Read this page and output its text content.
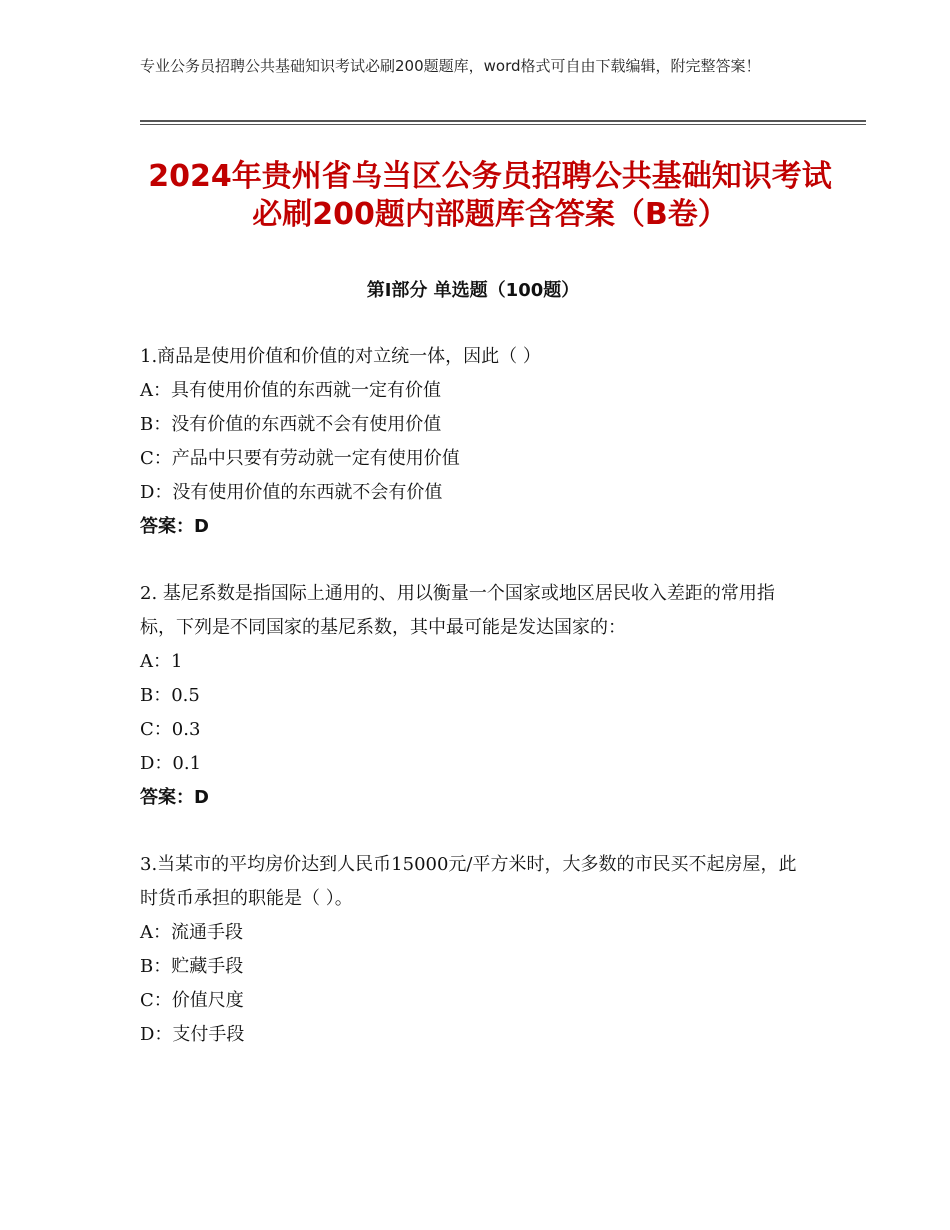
专业公务员招聘公共基础知识考试必刷200题题库，word格式可自由下载编辑，附完整答案！
2024年贵州省乌当区公务员招聘公共基础知识考试必刷200题内部题库含答案（B卷）
第Ⅰ部分 单选题（100题）

1.商品是使用价值和价值的对立统一体，因此（ ）

A：具有使用价值的东西就一定有价值

B：没有价值的东西就不会有使用价值

C：产品中只要有劳动就一定有使用价值

D：没有使用价值的东西就不会有价值

答案：D

2. 基尼系数是指国际上通用的、用以衡量一个国家或地区居民收入差距的常用指标，下列是不同国家的基尼系数，其中最可能是发达国家的：

A：1

B：0.5

C：0.3

D：0.1

答案：D

3.当某市的平均房价达到人民币15000元/平方米时，大多数的市民买不起房屋，此时货币承担的职能是（ ）。

A：流通手段

B：贮藏手段

C：价值尺度

D：支付手段
